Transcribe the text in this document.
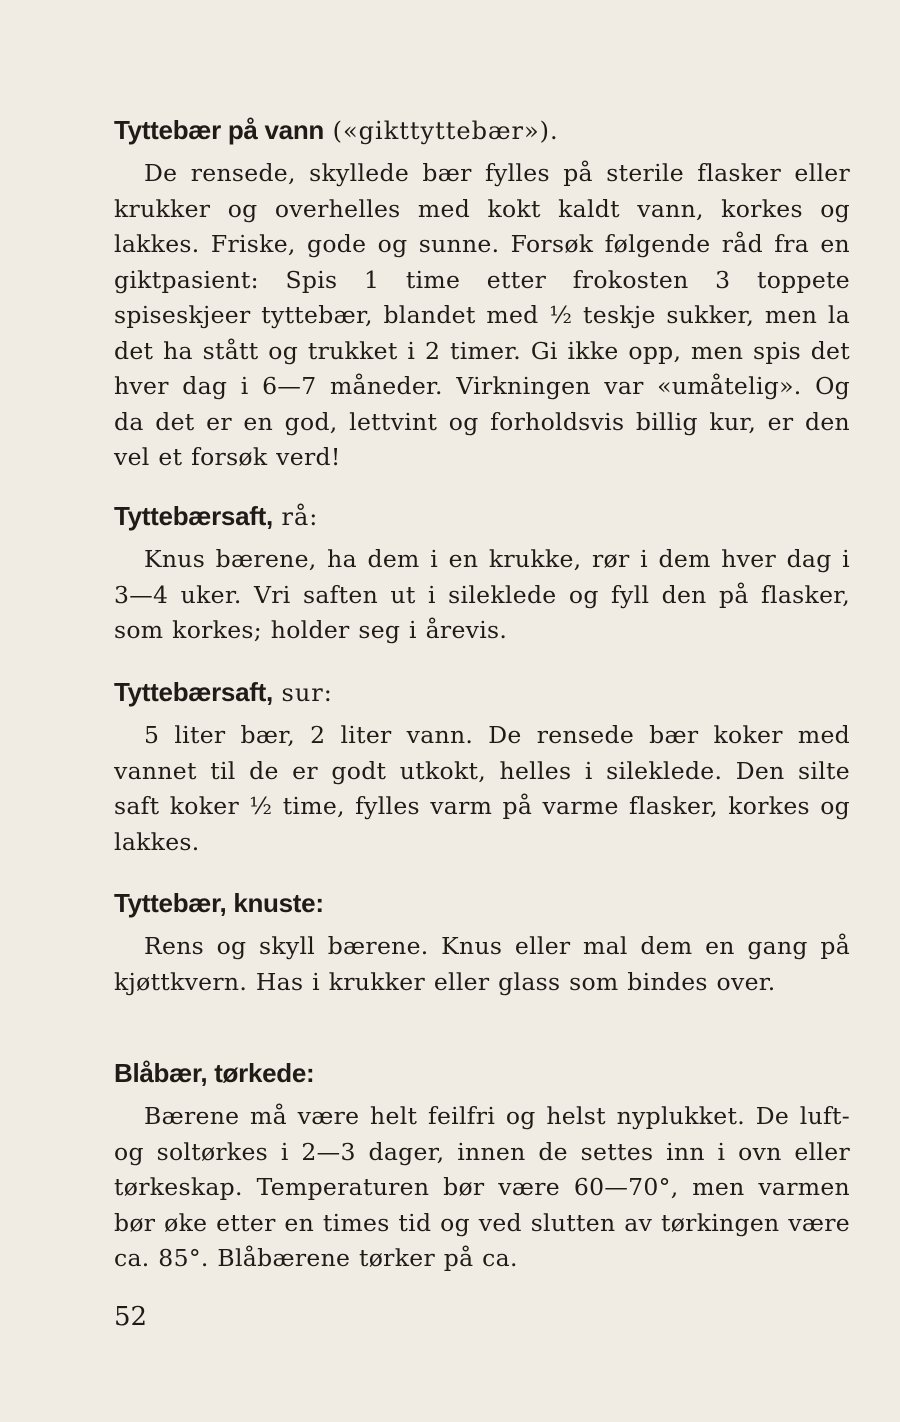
Tyttebær på vann («gikttyttebær»).
De rensede, skyllede bær fylles på sterile flasker eller krukker og overhelles med kokt kaldt vann, korkes og lakkes. Friske, gode og sunne. Forsøk følgende råd fra en giktpasient: Spis 1 time etter frokosten 3 toppete spiseskjeer tyttebær, blandet med ½ teskje sukker, men la det ha stått og trukket i 2 timer. Gi ikke opp, men spis det hver dag i 6—7 måneder. Virkningen var «umåtelig». Og da det er en god, lettvint og forholdsvis billig kur, er den vel et forsøk verd!
Tyttebærsaft, rå:
Knus bærene, ha dem i en krukke, rør i dem hver dag i 3—4 uker. Vri saften ut i sileklede og fyll den på flasker, som korkes; holder seg i årevis.
Tyttebærsaft, sur:
5 liter bær, 2 liter vann. De rensede bær koker med vannet til de er godt utkokt, helles i sileklede. Den silte saft koker ½ time, fylles varm på varme flasker, korkes og lakkes.
Tyttebær, knuste:
Rens og skyll bærene. Knus eller mal dem en gang på kjøttkvern. Has i krukker eller glass som bindes over.
Blåbær, tørkede:
Bærene må være helt feilfri og helst nyplukket. De luft- og soltørkes i 2—3 dager, innen de settes inn i ovn eller tørkeskap. Temperaturen bør være 60—70°, men varmen bør øke etter en times tid og ved slutten av tørkingen være ca. 85°. Blåbærene tørker på ca.
52
